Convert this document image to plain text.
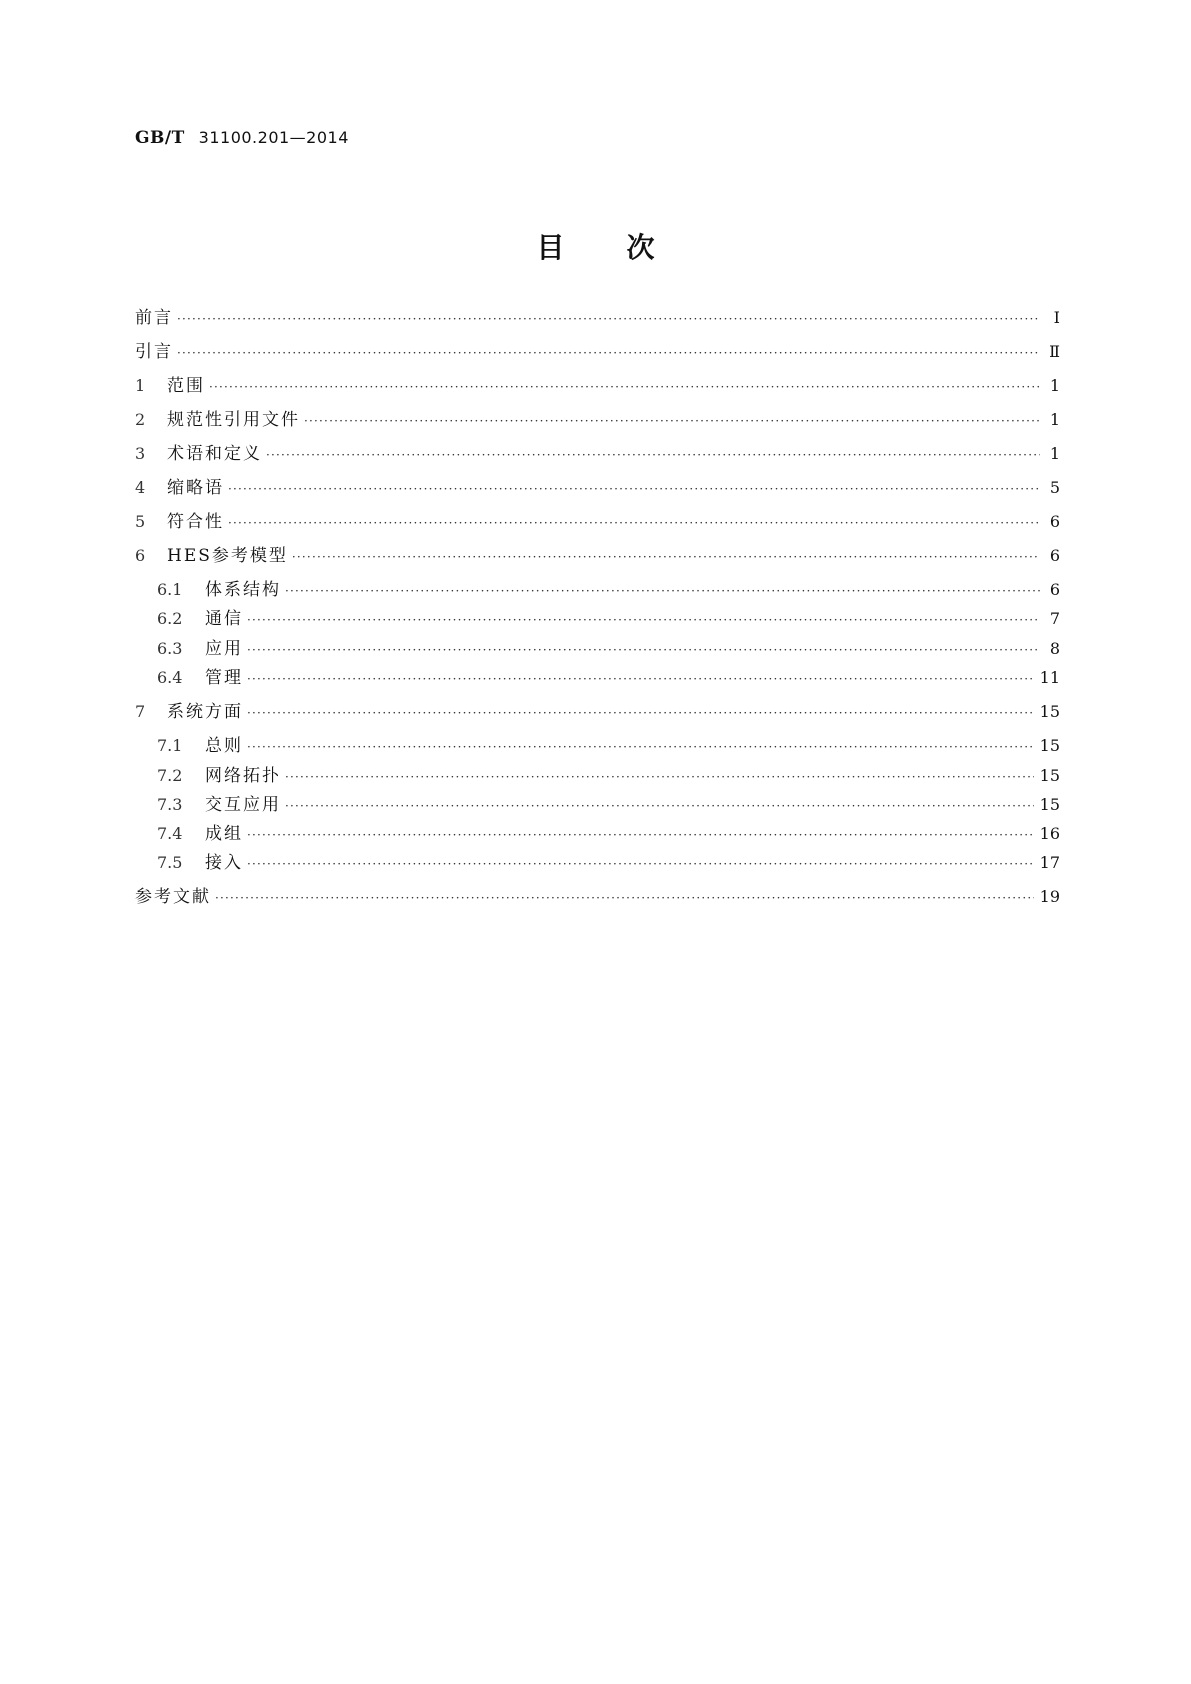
GB/T 31100.201—2014
目次
前言 ·····	Ⅰ
引言 ·····	Ⅱ
1	范围 ·····	1
2	规范性引用文件 ·····	1
3	术语和定义 ·····	1
4	缩略语 ·····	5
5	符合性 ·····	6
6	HES参考模型 ·····	6
6.1	体系结构 ·····	6
6.2	通信 ·····	7
6.3	应用 ·····	8
6.4	管理 ·····	11
7	系统方面 ·····	15
7.1	总则 ·····	15
7.2	网络拓扑 ·····	15
7.3	交互应用 ·····	15
7.4	成组 ·····	16
7.5	接入 ·····	17
参考文献 ·····	19
